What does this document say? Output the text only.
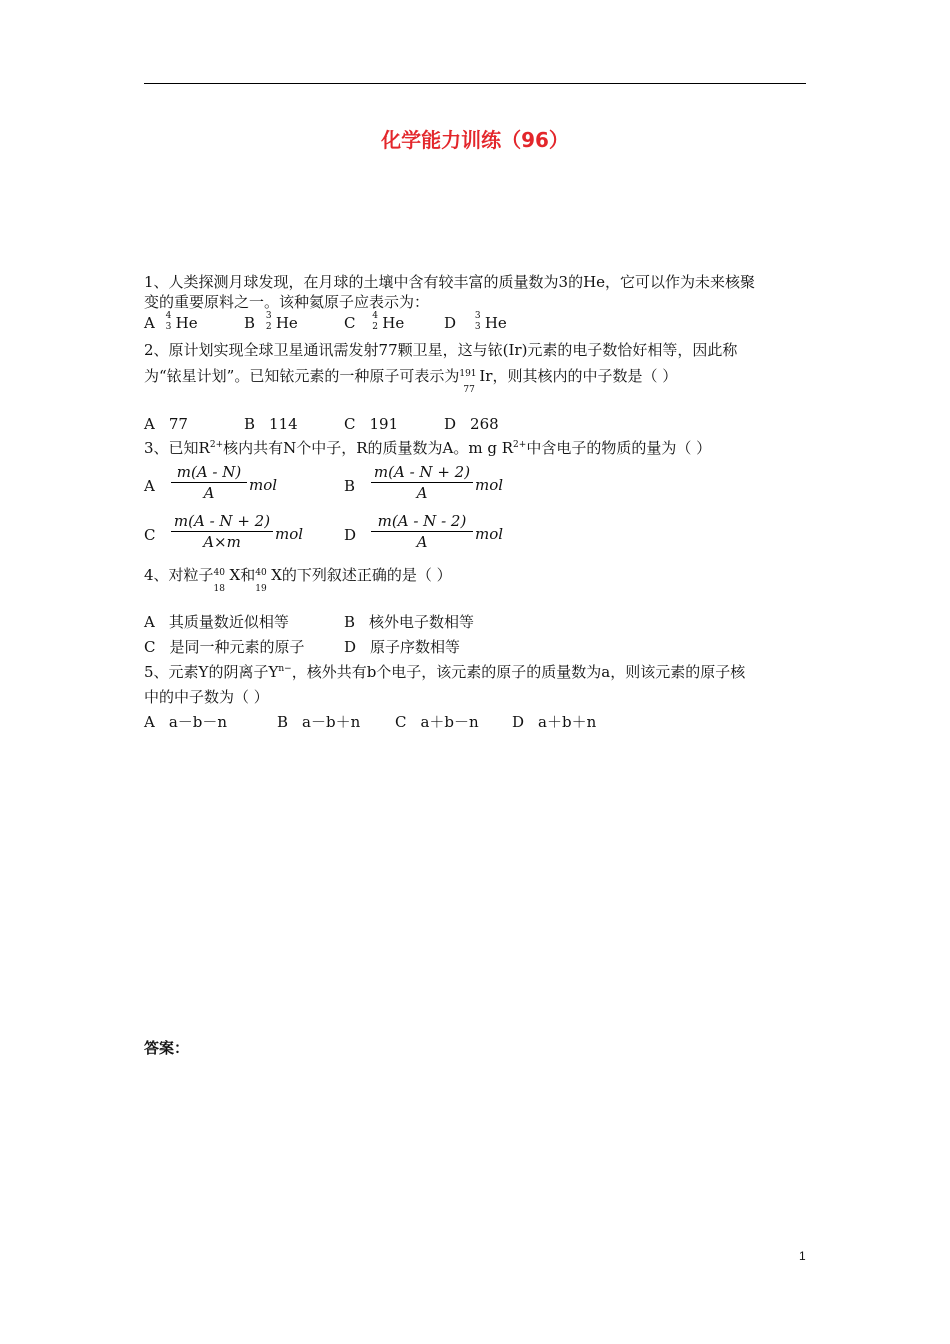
化学能力训练（96）
1、人类探测月球发现，在月球的土壤中含有较丰富的质量数为3的He，它可以作为未来核聚
变的重要原料之一。该种氦原子应表示为：
A 4
3 He	B 3
2 He	C 4
2 He	D 3
3 He
2、原计划实现全球卫星通讯需发射77颗卫星，这与铱(Ir)元素的电子数恰好相等，因此称
为“铱星计划”。已知铱元素的一种原子可表示为 191
77
Ir，则其核内的中子数是（ ）
A 77	B 114	C 191	D 268
3、已知$R^{2+}$核内共有N个中子，R的质量数为A。m g $R^{2+}$中含电子的物质的量为（ ）
A
m(A - N)
A	mol	B
m(A - N + 2)
A	mol
C
m(A - N + 2)
A×m	mol	D
m(A - N - 2)
A	mol
4、对粒子 40
18
X和 40
19
X的下列叙述正确的是（ ）
A 其质量数近似相等	B 核外电子数相等
C 是同一种元素的原子	D 原子序数相等
5、元素Y的阴离子$Y^{n-}$，核外共有b个电子，该元素的原子的质量数为a，则该元素的原子核
中的中子数为（ ）
A a－b－n	B a－b＋n C a＋b－n D a＋b＋n
答案：
1
